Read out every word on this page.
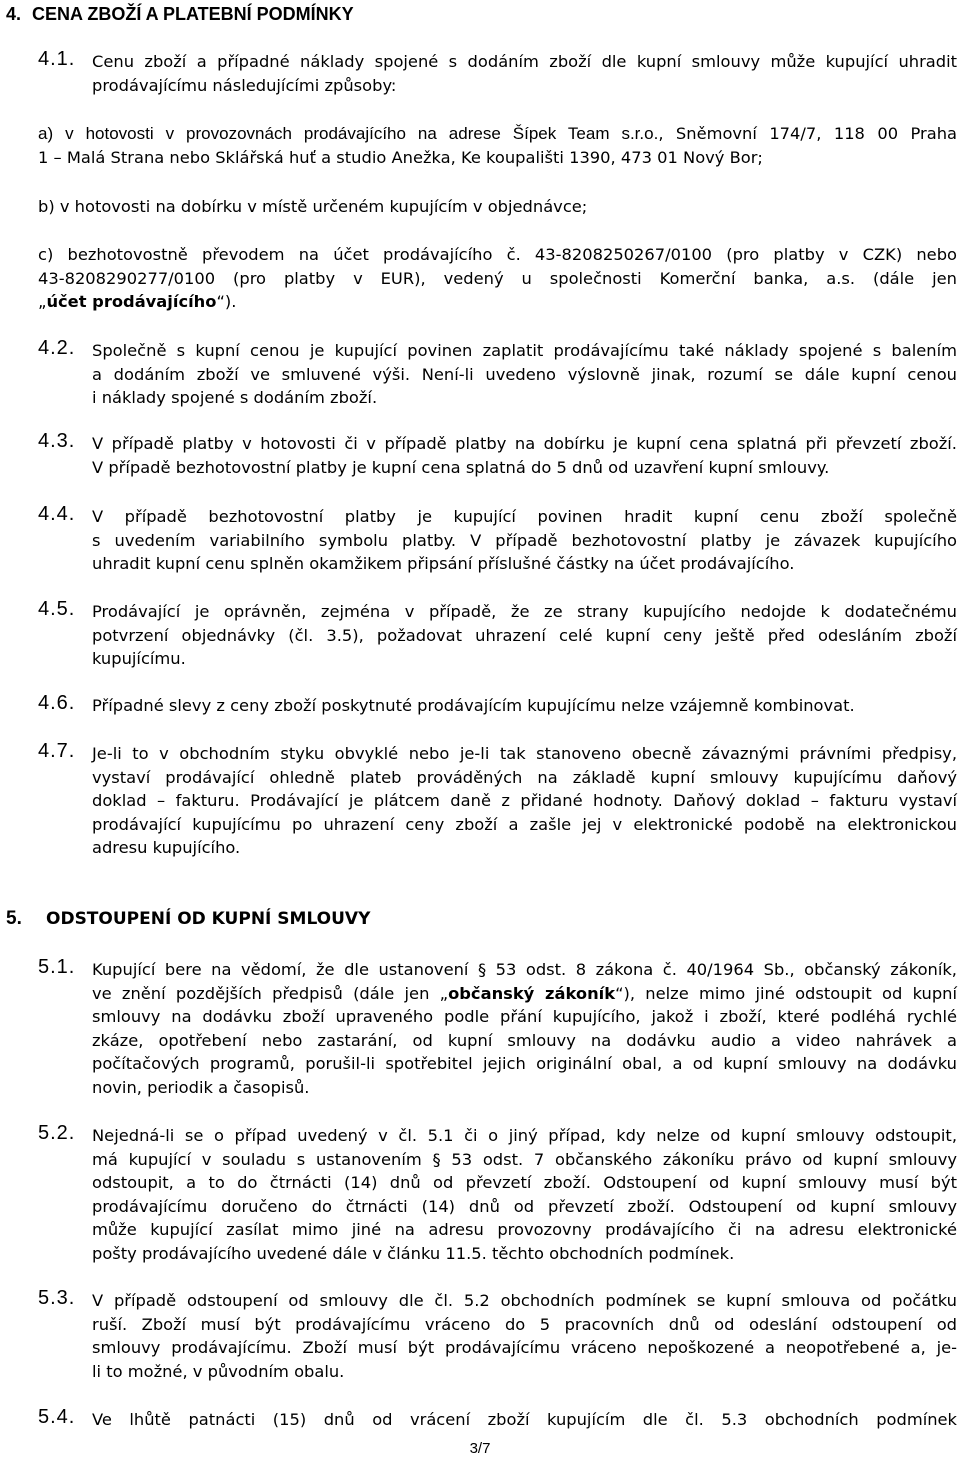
4. CENA ZBOŽÍ A PLATEBNÍ PODMÍNKY
4.1. Cenu zboží a případné náklady spojené s dodáním zboží dle kupní smlouvy může kupující uhradit
prodávajícímu následujícími způsoby:
a) v hotovosti v provozovnách prodávajícího na adrese Šípek Team s.r.o., Sněmovní 174/7, 118 00 Praha
1 – Malá Strana nebo Sklářská huť a studio Anežka, Ke koupališti 1390, 473 01 Nový Bor;
b) v hotovosti na dobírku v místě určeném kupujícím v objednávce;
c) bezhotovostně převodem na účet prodávajícího č. 43-8208250267/0100 (pro platby v CZK) nebo
43-8208290277/0100 (pro platby v EUR), vedený u společnosti Komerční banka, a.s. (dále jen
„účet prodávajícího“).
4.2. Společně s kupní cenou je kupující povinen zaplatit prodávajícímu také náklady spojené s balením
a dodáním zboží ve smluvené výši. Není-li uvedeno výslovně jinak, rozumí se dále kupní cenou
i náklady spojené s dodáním zboží.
4.3. V případě platby v hotovosti či v případě platby na dobírku je kupní cena splatná při převzetí zboží.
V případě bezhotovostní platby je kupní cena splatná do 5 dnů od uzavření kupní smlouvy.
4.4. V případě bezhotovostní platby je kupující povinen hradit kupní cenu zboží společně
s uvedením variabilního symbolu platby. V případě bezhotovostní platby je závazek kupujícího
uhradit kupní cenu splněn okamžikem připsání příslušné částky na účet prodávajícího.
4.5. Prodávající je oprávněn, zejména v případě, že ze strany kupujícího nedojde k dodatečnému
potvrzení objednávky (čl. 3.5), požadovat uhrazení celé kupní ceny ještě před odesláním zboží
kupujícímu.
4.6. Případné slevy z ceny zboží poskytnuté prodávajícím kupujícímu nelze vzájemně kombinovat.
4.7. Je-li to v obchodním styku obvyklé nebo je-li tak stanoveno obecně závaznými právními předpisy,
vystaví prodávající ohledně plateb prováděných na základě kupní smlouvy kupujícímu daňový
doklad – fakturu. Prodávající je plátcem daně z přidané hodnoty. Daňový doklad – fakturu vystaví
prodávající kupujícímu po uhrazení ceny zboží a zašle jej v elektronické podobě na elektronickou
adresu kupujícího.
5. ODSTOUPENÍ OD KUPNÍ SMLOUVY
5.1. Kupující bere na vědomí, že dle ustanovení § 53 odst. 8 zákona č. 40/1964 Sb., občanský zákoník,
ve znění pozdějších předpisů (dále jen „občanský zákoník“), nelze mimo jiné odstoupit od kupní
smlouvy na dodávku zboží upraveného podle přání kupujícího, jakož i zboží, které podléhá rychlé
zkáze, opotřebení nebo zastarání, od kupní smlouvy na dodávku audio a video nahrávek a
počítačových programů, porušil-li spotřebitel jejich originální obal, a od kupní smlouvy na dodávku
novin, periodik a časopisů.
5.2. Nejedná-li se o případ uvedený v čl. 5.1 či o jiný případ, kdy nelze od kupní smlouvy odstoupit,
má kupující v souladu s ustanovením § 53 odst. 7 občanského zákoníku právo od kupní smlouvy
odstoupit, a to do čtrnácti (14) dnů od převzetí zboží. Odstoupení od kupní smlouvy musí být
prodávajícímu doručeno do čtrnácti (14) dnů od převzetí zboží. Odstoupení od kupní smlouvy
může kupující zasílat mimo jiné na adresu provozovny prodávajícího či na adresu elektronické
pošty prodávajícího uvedené dále v článku 11.5. těchto obchodních podmínek.
5.3. V případě odstoupení od smlouvy dle čl. 5.2 obchodních podmínek se kupní smlouva od počátku
ruší. Zboží musí být prodávajícímu vráceno do 5 pracovních dnů od odeslání odstoupení od
smlouvy prodávajícímu. Zboží musí být prodávajícímu vráceno nepoškozené a neopotřebené a, je-
li to možné, v původním obalu.
5.4. Ve lhůtě patnácti (15) dnů od vrácení zboží kupujícím dle čl. 5.3 obchodních podmínek
3/7
